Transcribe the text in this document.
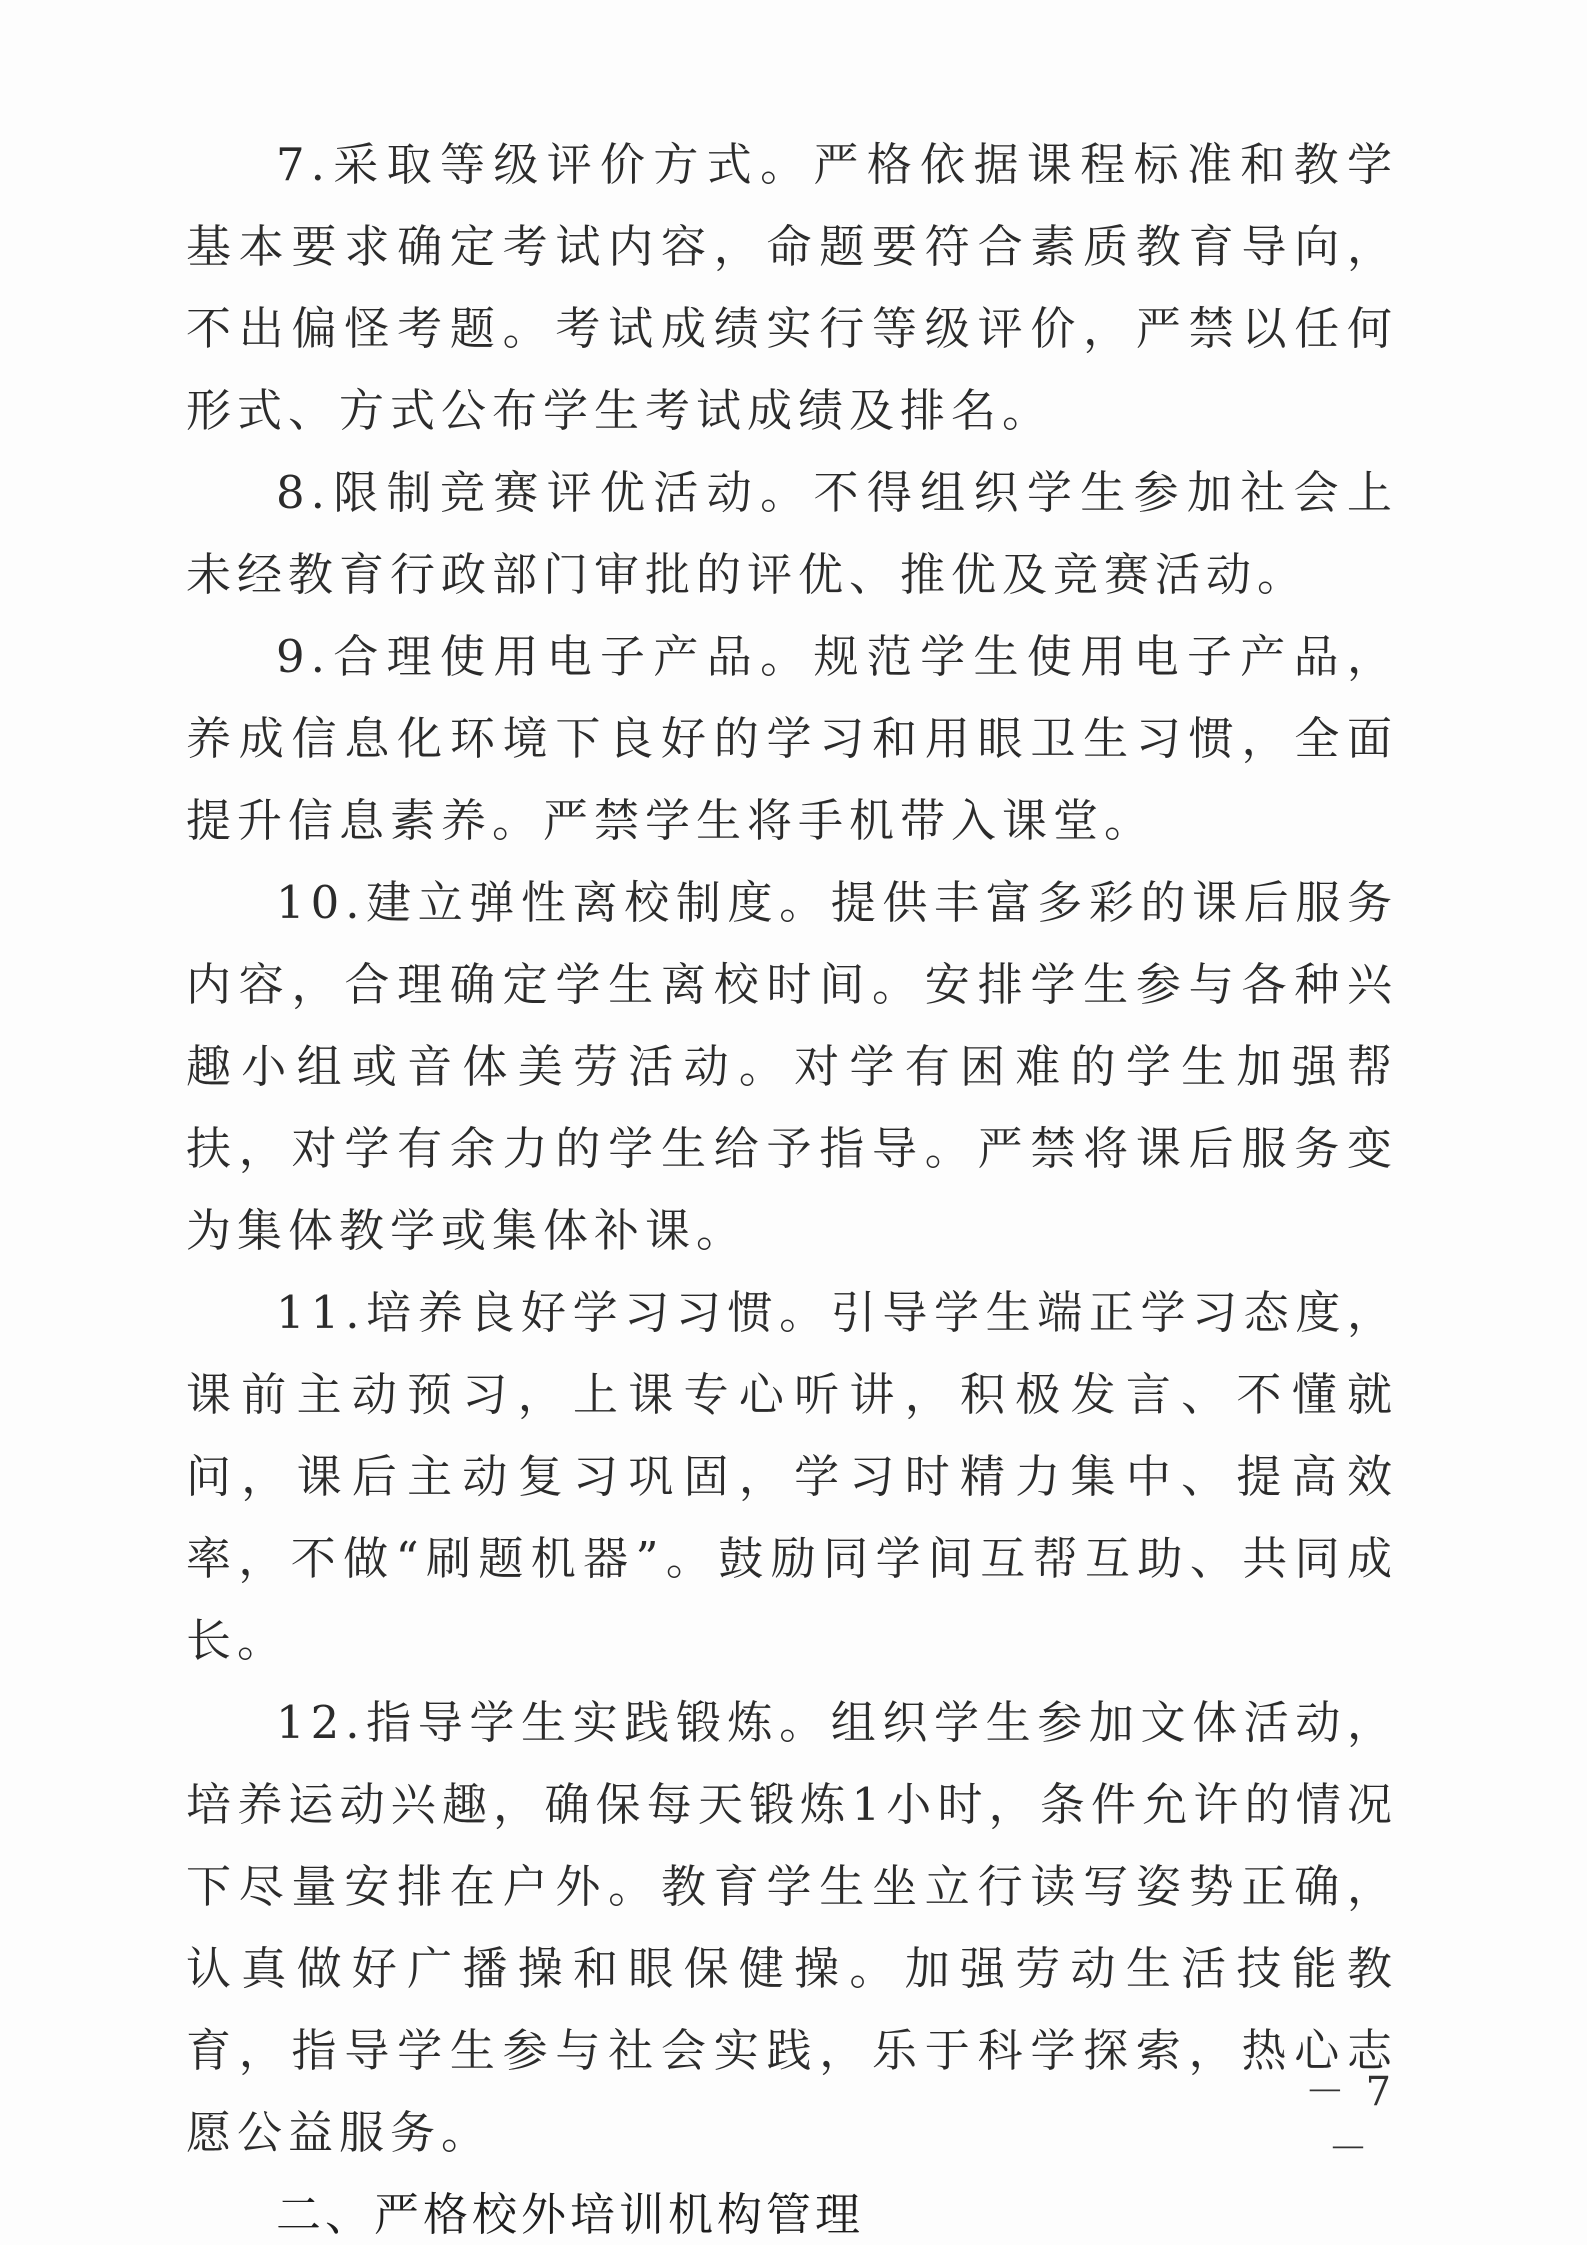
7.采取等级评价方式。严格依据课程标准和教学基本要求确定考试内容，命题要符合素质教育导向，不出偏怪考题。考试成绩实行等级评价，严禁以任何形式、方式公布学生考试成绩及排名。

8.限制竞赛评优活动。不得组织学生参加社会上未经教育行政部门审批的评优、推优及竞赛活动。

9.合理使用电子产品。规范学生使用电子产品，养成信息化环境下良好的学习和用眼卫生习惯，全面提升信息素养。严禁学生将手机带入课堂。

10.建立弹性离校制度。提供丰富多彩的课后服务内容，合理确定学生离校时间。安排学生参与各种兴趣小组或音体美劳活动。对学有困难的学生加强帮扶，对学有余力的学生给予指导。严禁将课后服务变为集体教学或集体补课。

11.培养良好学习习惯。引导学生端正学习态度，课前主动预习，上课专心听讲，积极发言、不懂就问，课后主动复习巩固，学习时精力集中、提高效率，不做“刷题机器”。鼓励同学间互帮互助、共同成长。

12.指导学生实践锻炼。组织学生参加文体活动，培养运动兴趣，确保每天锻炼1小时，条件允许的情况下尽量安排在户外。教育学生坐立行读写姿势正确，认真做好广播操和眼保健操。加强劳动生活技能教育，指导学生参与社会实践，乐于科学探索，热心志愿公益服务。

二、严格校外培训机构管理

－ 7 －
